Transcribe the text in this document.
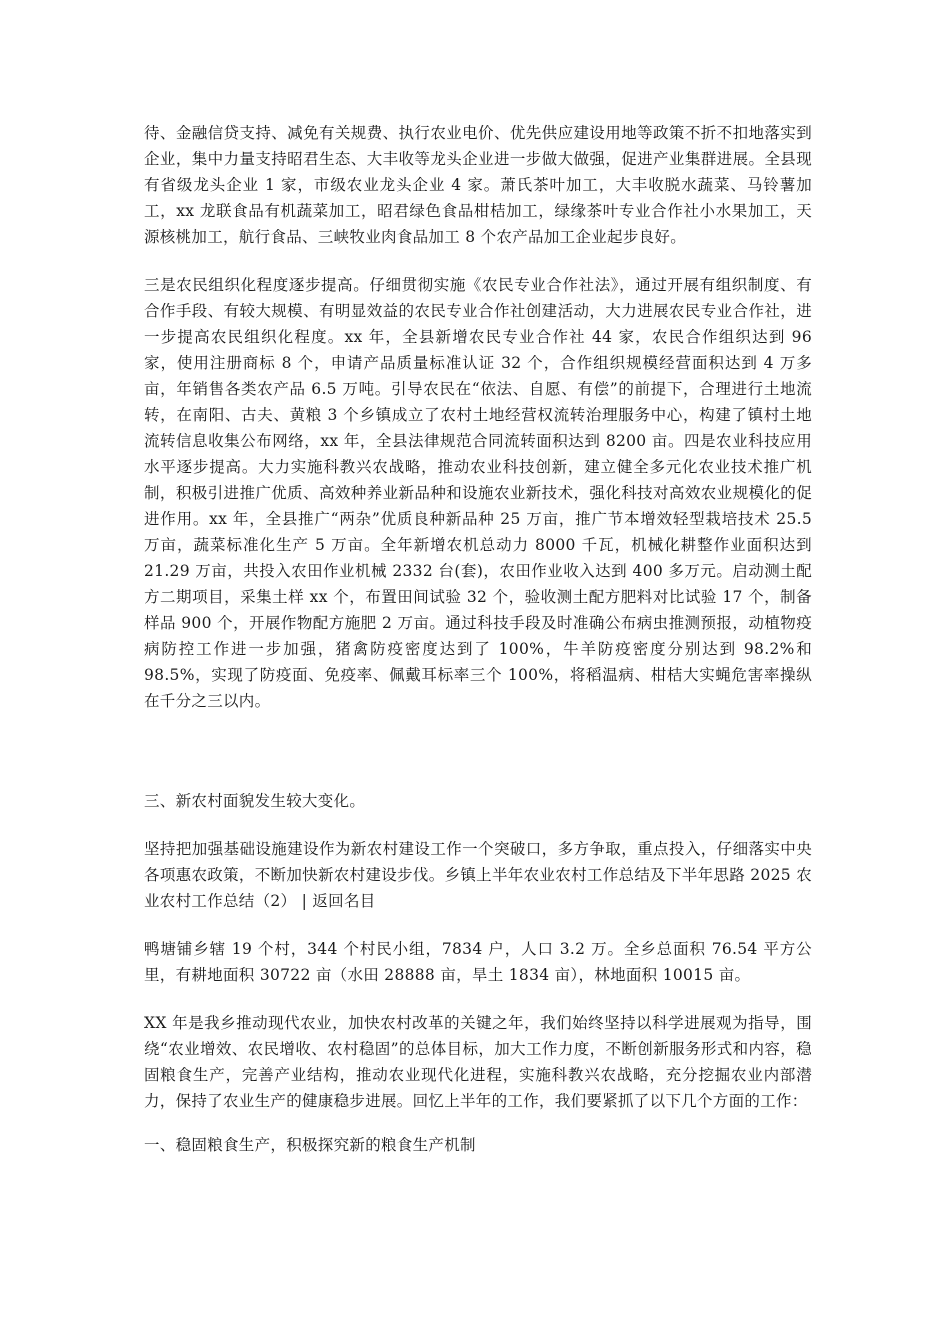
待、金融信贷支持、减免有关规费、执行农业电价、优先供应建设用地等政策不折不扣地落实到企业，集中力量支持昭君生态、大丰收等龙头企业进一步做大做强，促进产业集群进展。全县现有省级龙头企业 1 家，市级农业龙头企业 4 家。萧氏茶叶加工，大丰收脱水蔬菜、马铃薯加工，xx 龙联食品有机蔬菜加工，昭君绿色食品柑桔加工，绿缘茶叶专业合作社小水果加工，天源核桃加工，航行食品、三峡牧业肉食品加工 8 个农产品加工企业起步良好。

三是农民组织化程度逐步提高。仔细贯彻实施《农民专业合作社法》，通过开展有组织制度、有合作手段、有较大规模、有明显效益的农民专业合作社创建活动，大力进展农民专业合作社，进一步提高农民组织化程度。xx 年，全县新增农民专业合作社 44 家，农民合作组织达到 96 家，使用注册商标 8 个，申请产品质量标准认证 32 个，合作组织规模经营面积达到 4 万多亩，年销售各类农产品 6.5 万吨。引导农民在“依法、自愿、有偿”的前提下，合理进行土地流转，在南阳、古夫、黄粮 3 个乡镇成立了农村土地经营权流转治理服务中心，构建了镇村土地流转信息收集公布网络，xx 年，全县法律规范合同流转面积达到 8200 亩。四是农业科技应用水平逐步提高。大力实施科教兴农战略，推动农业科技创新，建立健全多元化农业技术推广机制，积极引进推广优质、高效种养业新品种和设施农业新技术，强化科技对高效农业规模化的促进作用。xx 年，全县推广“两杂”优质良种新品种 25 万亩，推广节本增效轻型栽培技术 25.5 万亩，蔬菜标准化生产 5 万亩。全年新增农机总动力 8000 千瓦，机械化耕整作业面积达到 21.29 万亩，共投入农田作业机械 2332 台(套)，农田作业收入达到 400 多万元。启动测土配方二期项目，采集土样 xx 个，布置田间试验 32 个，验收测土配方肥料对比试验 17 个，制备样品 900 个，开展作物配方施肥 2 万亩。通过科技手段及时准确公布病虫推测预报，动植物疫病防控工作进一步加强，猪禽防疫密度达到了 100%，牛羊防疫密度分别达到 98.2%和 98.5%，实现了防疫面、免疫率、佩戴耳标率三个 100%，将稻温病、柑桔大实蝇危害率操纵在千分之三以内。

三、新农村面貌发生较大变化。

坚持把加强基础设施建设作为新农村建设工作一个突破口，多方争取，重点投入，仔细落实中央各项惠农政策，不断加快新农村建设步伐。乡镇上半年农业农村工作总结及下半年思路 2025 农业农村工作总结（2） | 返回名目

鸭塘铺乡辖 19 个村，344 个村民小组，7834 户，人口 3.2 万。全乡总面积 76.54 平方公里，有耕地面积 30722 亩（水田 28888 亩，旱土 1834 亩），林地面积 10015 亩。

XX 年是我乡推动现代农业，加快农村改革的关键之年，我们始终坚持以科学进展观为指导，围绕“农业增效、农民增收、农村稳固”的总体目标，加大工作力度，不断创新服务形式和内容，稳固粮食生产，完善产业结构，推动农业现代化进程，实施科教兴农战略，充分挖掘农业内部潜力，保持了农业生产的健康稳步进展。回忆上半年的工作，我们要紧抓了以下几个方面的工作：

一、稳固粮食生产，积极探究新的粮食生产机制
